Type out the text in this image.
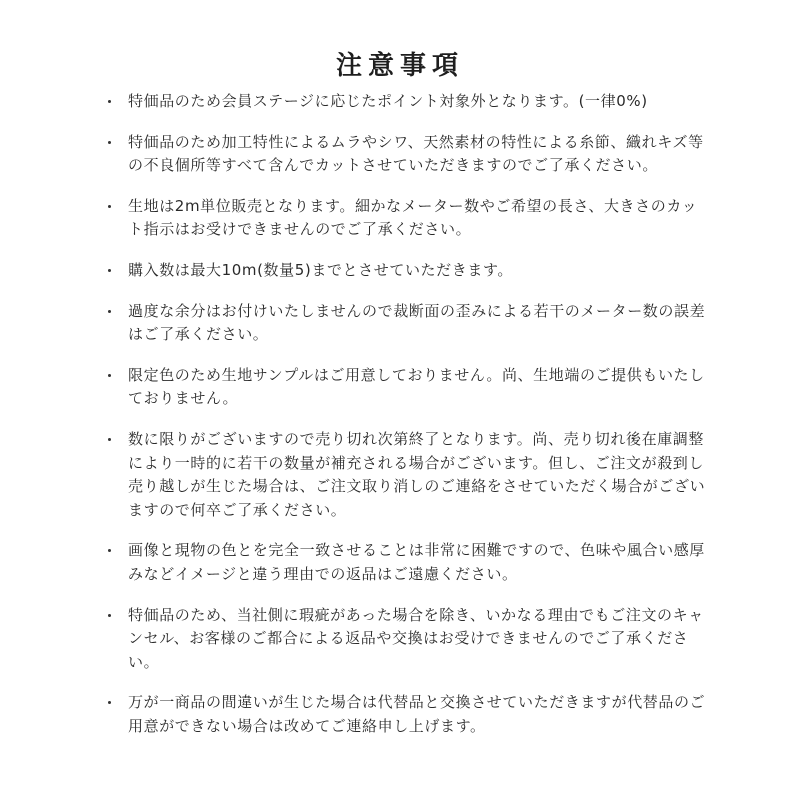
注意事項
特価品のため会員ステージに応じたポイント対象外となります。(一律0%)
特価品のため加工特性によるムラやシワ、天然素材の特性による糸節、織れキズ等の不良個所等すべて含んでカットさせていただきますのでご了承ください。
生地は2m単位販売となります。細かなメーター数やご希望の長さ、大きさのカット指示はお受けできませんのでご了承ください。
購入数は最大10m(数量5)までとさせていただきます。
過度な余分はお付けいたしませんので裁断面の歪みによる若干のメーター数の誤差はご了承ください。
限定色のため生地サンプルはご用意しておりません。尚、生地端のご提供もいたしておりません。
数に限りがございますので売り切れ次第終了となります。尚、売り切れ後在庫調整により一時的に若干の数量が補充される場合がございます。但し、ご注文が殺到し売り越しが生じた場合は、ご注文取り消しのご連絡をさせていただく場合がございますので何卒ご了承ください。
画像と現物の色とを完全一致させることは非常に困難ですので、色味や風合い感厚みなどイメージと違う理由での返品はご遠慮ください。
特価品のため、当社側に瑕疵があった場合を除き、いかなる理由でもご注文のキャンセル、お客様のご都合による返品や交換はお受けできませんのでご了承ください。
万が一商品の間違いが生じた場合は代替品と交換させていただきますが代替品のご用意ができない場合は改めてご連絡申し上げます。
